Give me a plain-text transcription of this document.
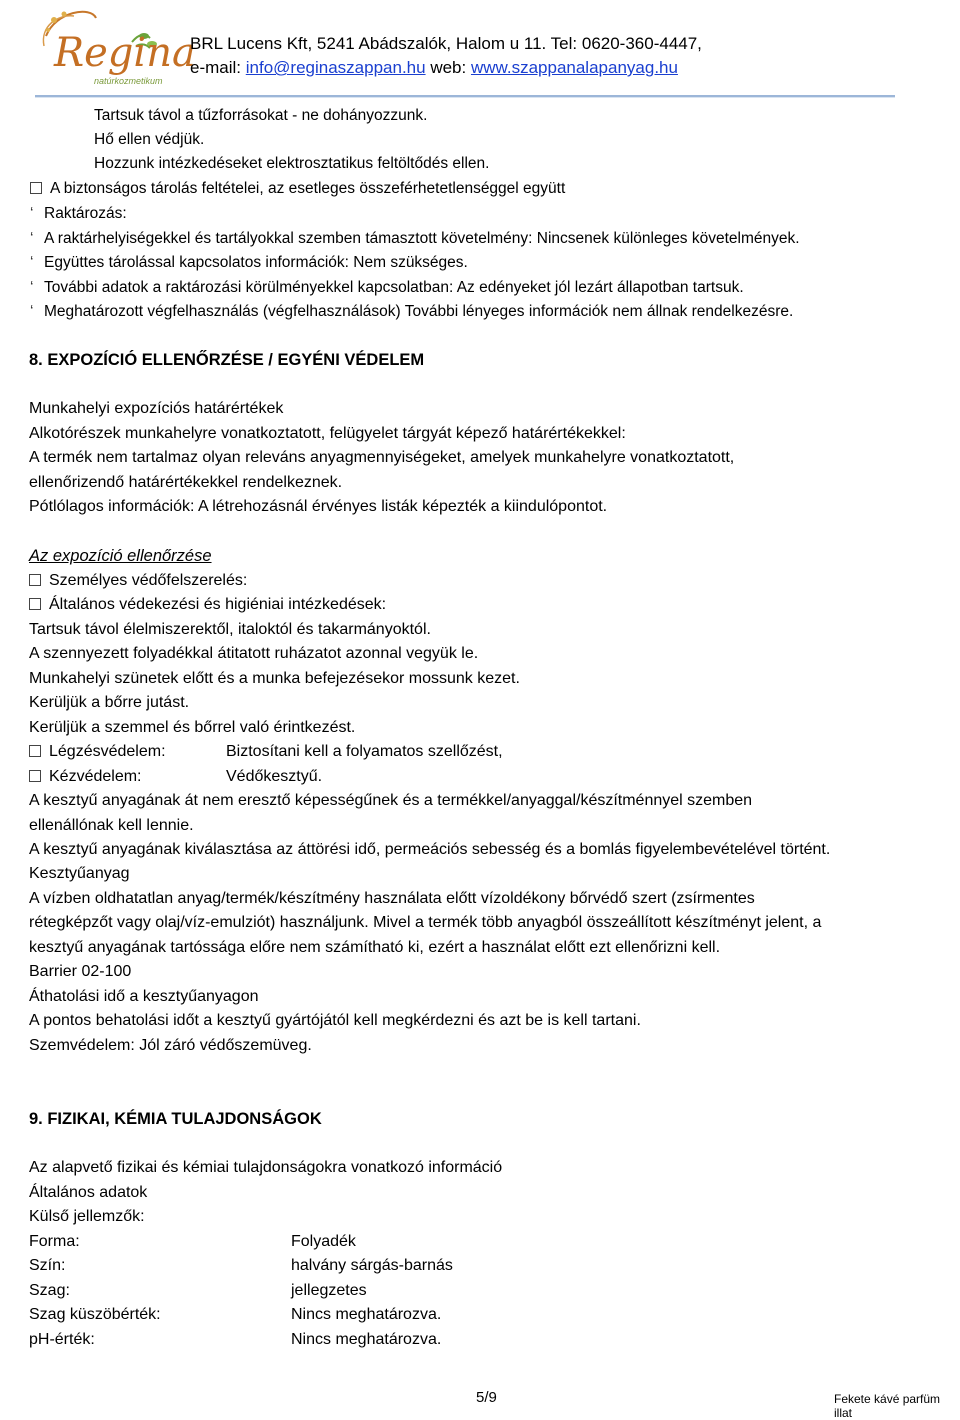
Regina
natúrkozmetikum
BRL Lucens Kft, 5241 Abádszalók, Halom u 11. Tel: 0620-360-4447,
e-mail: info@reginaszappan.hu web: www.szappanalapanyag.hu
Tartsuk távol a tűzforrásokat - ne dohányozzunk.
Hő ellen védjük.
Hozzunk intézkedéseket elektrosztatikus feltöltődés ellen.
A biztonságos tárolás feltételei, az esetleges összeférhetetlenséggel együtt
‘ Raktározás:
‘ A raktárhelyiségekkel és tartályokkal szemben támasztott követelmény: Nincsenek különleges követelmények.
‘ Együttes tárolással kapcsolatos információk: Nem szükséges.
‘ További adatok a raktározási körülményekkel kapcsolatban: Az edényeket jól lezárt állapotban tartsuk.
‘ Meghatározott végfelhasználás (végfelhasználások) További lényeges információk nem állnak rendelkezésre.
8. EXPOZÍCIÓ ELLENŐRZÉSE / EGYÉNI VÉDELEM
Munkahelyi expozíciós határértékek
Alkotórészek munkahelyre vonatkoztatott, felügyelet tárgyát képező határértékekkel:
A termék nem tartalmaz olyan releváns anyagmennyiségeket, amelyek munkahelyre vonatkoztatott,
ellenőrizendő határértékekkel rendelkeznek.
Pótlólagos információk: A létrehozásnál érvényes listák képezték a kiindulópontot.
Az expozíció ellenőrzése
Személyes védőfelszerelés:
Általános védekezési és higiéniai intézkedések:
Tartsuk távol élelmiszerektől, italoktól és takarmányoktól.
A szennyezett folyadékkal átitatott ruházatot azonnal vegyük le.
Munkahelyi szünetek előtt és a munka befejezésekor mossunk kezet.
Kerüljük a bőrre jutást.
Kerüljük a szemmel és bőrrel való érintkezést.
Légzésvédelem:	Biztosítani kell a folyamatos szellőzést,
Kézvédelem:	Védőkesztyű.
A kesztyű anyagának át nem eresztő képességűnek és a termékkel/anyaggal/készítménnyel szemben
ellenállónak kell lennie.
A kesztyű anyagának kiválasztása az áttörési idő, permeációs sebesség és a bomlás figyelembevételével történt.
Kesztyűanyag
A vízben oldhatatlan anyag/termék/készítmény használata előtt vízoldékony bőrvédő szert (zsírmentes
rétegképzőt vagy olaj/víz-emulziót) használjunk. Mivel a termék több anyagból összeállított készítményt jelent, a
kesztyű anyagának tartóssága előre nem számítható ki, ezért a használat előtt ezt ellenőrizni kell.
Barrier 02-100
Áthatolási idő a kesztyűanyagon
A pontos behatolási időt a kesztyű gyártójától kell megkérdezni és azt be is kell tartani.
Szemvédelem: Jól záró védőszemüveg.
9. FIZIKAI, KÉMIA TULAJDONSÁGOK
Az alapvető fizikai és kémiai tulajdonságokra vonatkozó információ
Általános adatok
Külső jellemzők:
Forma:	Folyadék
Szín:	halvány sárgás-barnás
Szag:	jellegzetes
Szag küszöbérték:	Nincs meghatározva.
pH-érték:	Nincs meghatározva.
5/9	Fekete kávé parfüm illat
